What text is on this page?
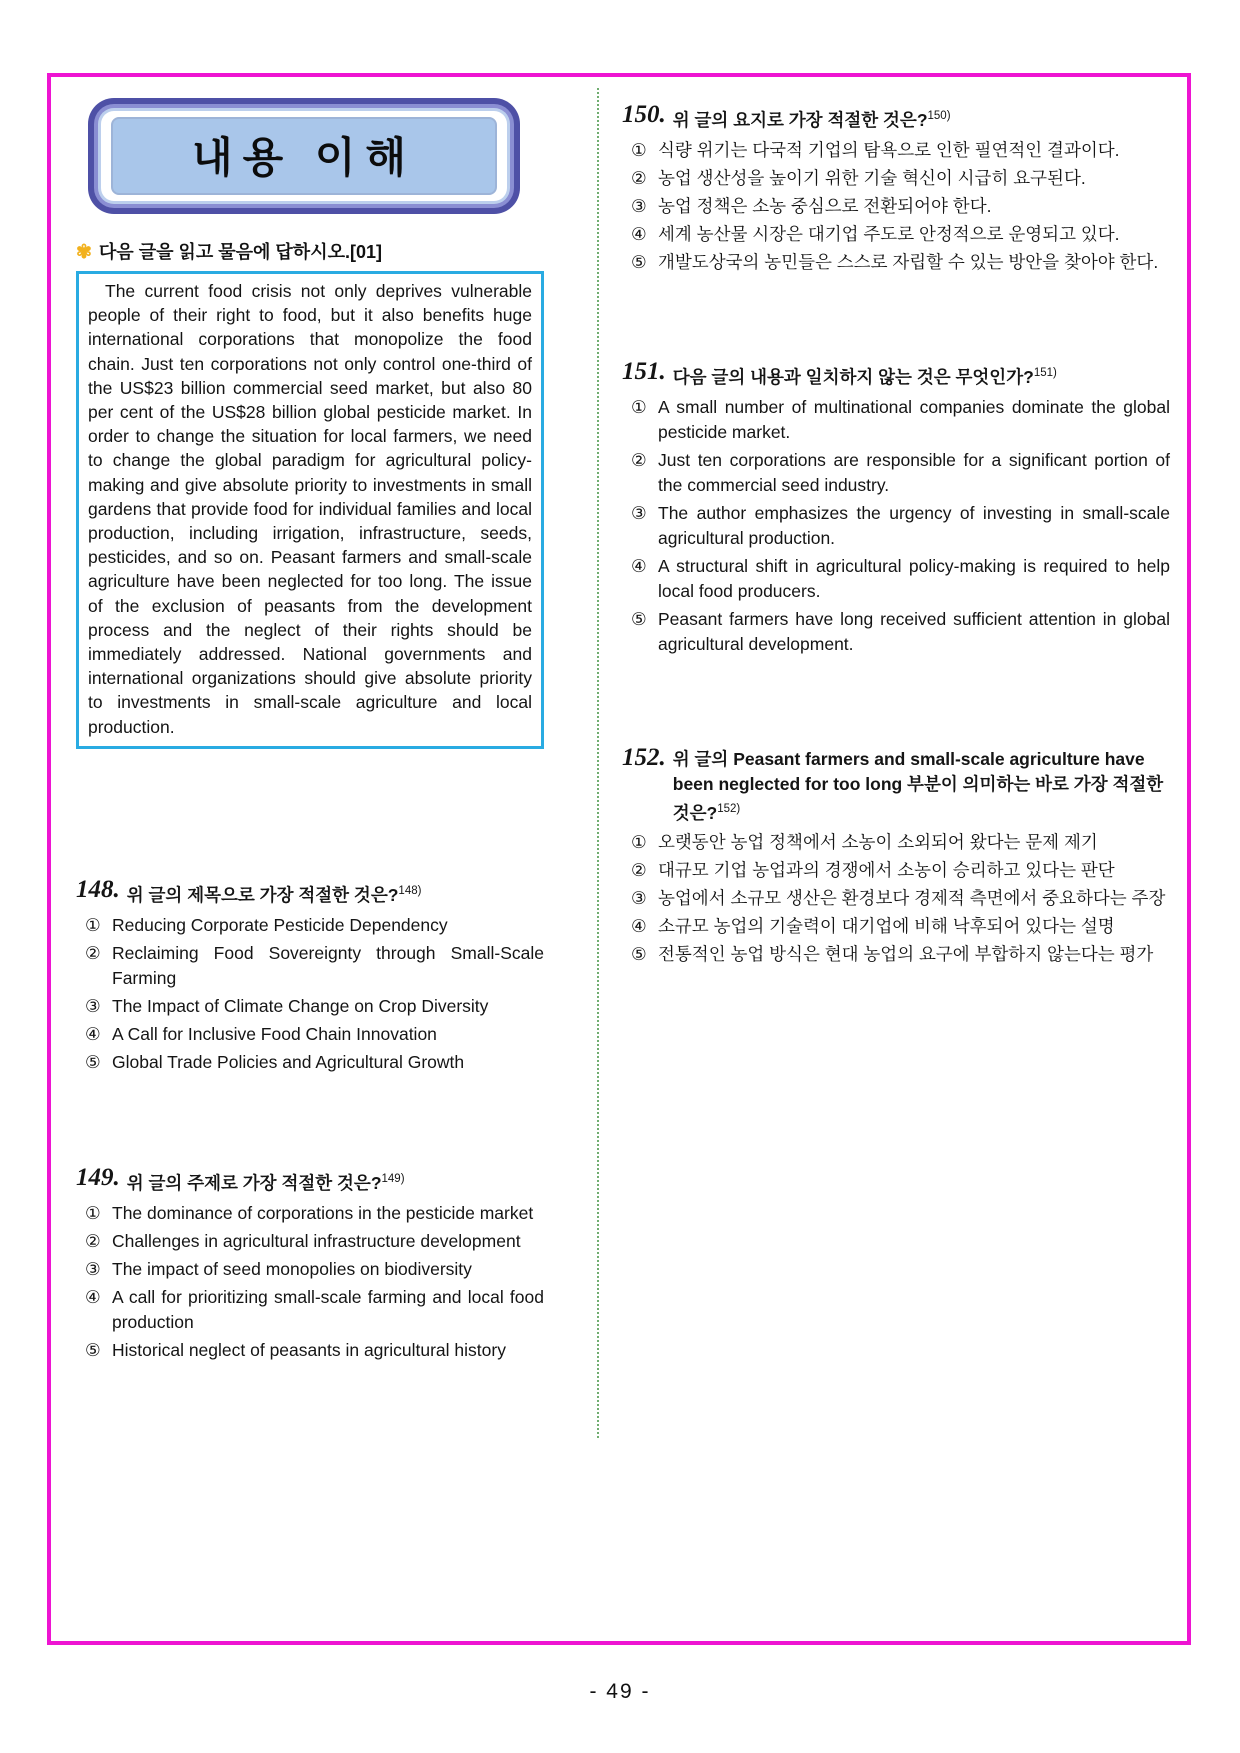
내용 이해
✾ 다음 글을 읽고 물음에 답하시오.[01]

The current food crisis not only deprives vulnerable people of their right to food, but it also benefits huge international corporations that monopolize the food chain. Just ten corporations not only control one-third of the US$23 billion commercial seed market, but also 80 per cent of the US$28 billion global pesticide market. In order to change the situation for local farmers, we need to change the global paradigm for agricultural policy-making and give absolute priority to investments in small gardens that provide food for individual families and local production, including irrigation, infrastructure, seeds, pesticides, and so on. Peasant farmers and small-scale agriculture have been neglected for too long. The issue of the exclusion of peasants from the development process and the neglect of their rights should be immediately addressed. National governments and international organizations should give absolute priority to investments in small-scale agriculture and local production.

148. 위 글의 제목으로 가장 적절한 것은?$^{148)}$
① Reducing Corporate Pesticide Dependency
② Reclaiming Food Sovereignty through Small-Scale Farming
③ The Impact of Climate Change on Crop Diversity
④ A Call for Inclusive Food Chain Innovation
⑤ Global Trade Policies and Agricultural Growth
149. 위 글의 주제로 가장 적절한 것은?$^{149)}$
① The dominance of corporations in the pesticide market
② Challenges in agricultural infrastructure development
③ The impact of seed monopolies on biodiversity
④ A call for prioritizing small-scale farming and local food production
⑤ Historical neglect of peasants in agricultural history
150. 위 글의 요지로 가장 적절한 것은?$^{150)}$
① 식량 위기는 다국적 기업의 탐욕으로 인한 필연적인 결과이다.
② 농업 생산성을 높이기 위한 기술 혁신이 시급히 요구된다.
③ 농업 정책은 소농 중심으로 전환되어야 한다.
④ 세계 농산물 시장은 대기업 주도로 안정적으로 운영되고 있다.
⑤ 개발도상국의 농민들은 스스로 자립할 수 있는 방안을 찾아야 한다.
151. 다음 글의 내용과 일치하지 않는 것은 무엇인가?$^{151)}$
① A small number of multinational companies dominate the global pesticide market.
② Just ten corporations are responsible for a significant portion of the commercial seed industry.
③ The author emphasizes the urgency of investing in small-scale agricultural production.
④ A structural shift in agricultural policy-making is required to help local food producers.
⑤ Peasant farmers have long received sufficient attention in global agricultural development.
152. 위 글의 Peasant farmers and small-scale agriculture have been neglected for too long 부분이 의미하는 바로 가장 적절한 것은?$^{152)}$
① 오랫동안 농업 정책에서 소농이 소외되어 왔다는 문제 제기
② 대규모 기업 농업과의 경쟁에서 소농이 승리하고 있다는 판단
③ 농업에서 소규모 생산은 환경보다 경제적 측면에서 중요하다는 주장
④ 소규모 농업의 기술력이 대기업에 비해 낙후되어 있다는 설명
⑤ 전통적인 농업 방식은 현대 농업의 요구에 부합하지 않는다는 평가
- 49 -
